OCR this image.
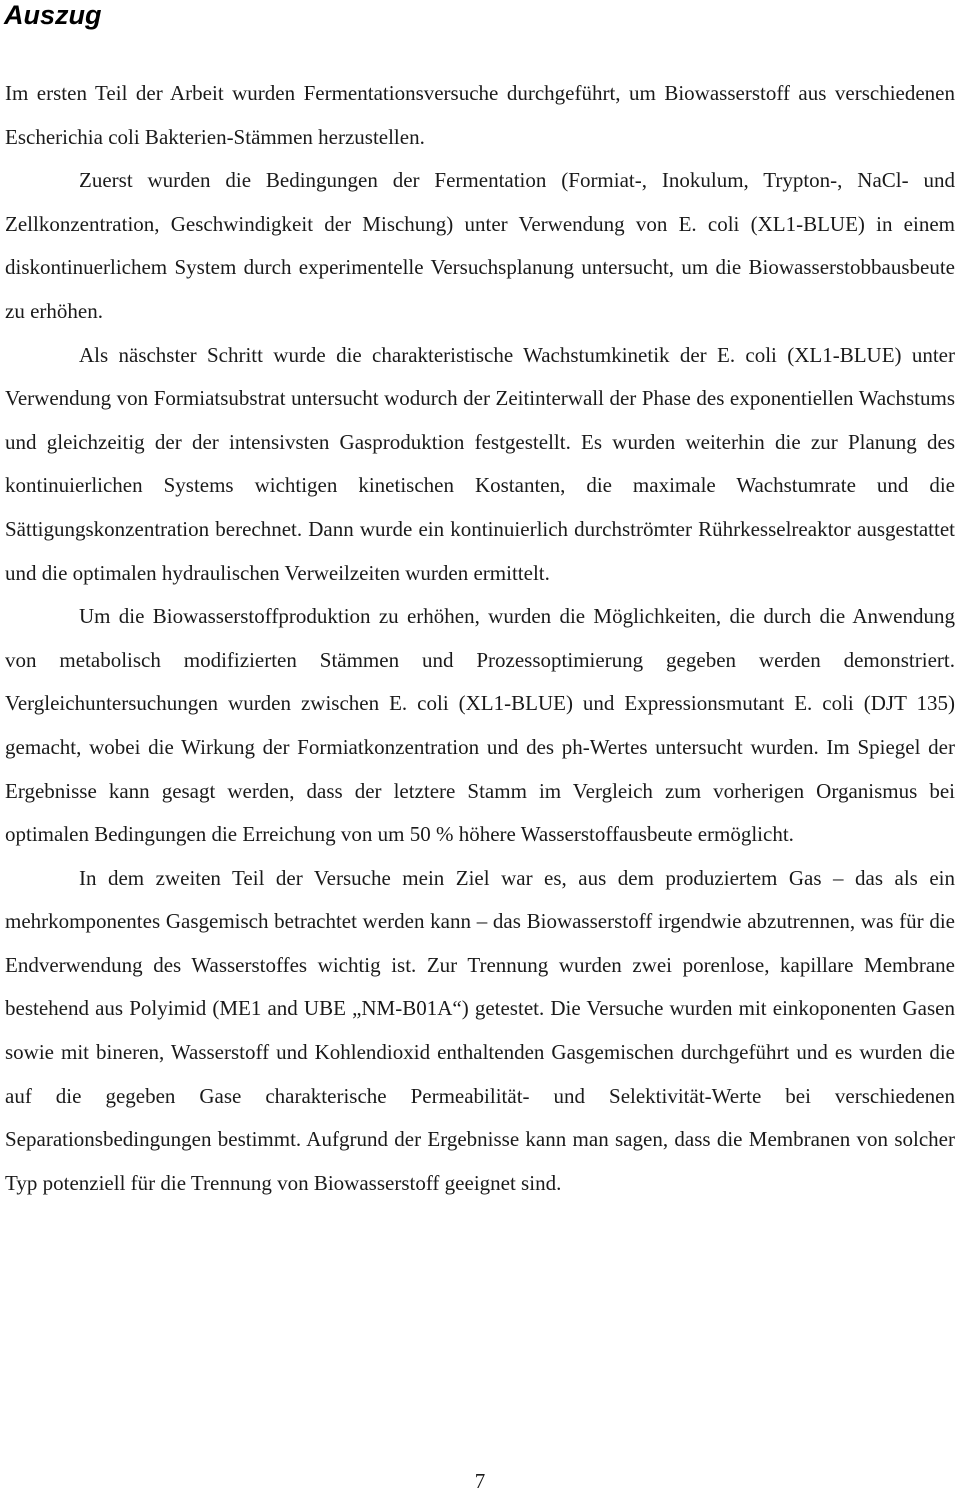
Auszug

Im ersten Teil der Arbeit wurden Fermentationsversuche durchgeführt, um Biowasserstoff aus verschiedenen Escherichia coli Bakterien-Stämmen herzustellen.

Zuerst wurden die Bedingungen der Fermentation (Formiat-, Inokulum, Trypton-, NaCl- und Zellkonzentration, Geschwindigkeit der Mischung) unter Verwendung von E. coli (XL1-BLUE) in einem diskontinuerlichem System durch experimentelle Versuchsplanung untersucht, um die Biowasserstobbausbeute zu erhöhen.

Als näschster Schritt wurde die charakteristische Wachstumkinetik der E. coli (XL1-BLUE) unter Verwendung von Formiatsubstrat untersucht wodurch der Zeitinterwall der Phase des exponentiellen Wachstums und gleichzeitig der der intensivsten Gasproduktion festgestellt. Es wurden weiterhin die zur Planung des kontinuierlichen Systems wichtigen kinetischen Kostanten, die maximale Wachstumrate und die Sättigungskonzentration berechnet. Dann wurde ein kontinuierlich durchströmter Rührkesselreaktor ausgestattet und die optimalen hydraulischen Verweilzeiten wurden ermittelt.

Um die Biowasserstoffproduktion zu erhöhen, wurden die Möglichkeiten, die durch die Anwendung von metabolisch modifizierten Stämmen und Prozessoptimierung gegeben werden demonstriert. Vergleichuntersuchungen wurden zwischen E. coli (XL1-BLUE) und Expressionsmutant E. coli (DJT 135) gemacht, wobei die Wirkung der Formiatkonzentration und des ph-Wertes untersucht wurden. Im Spiegel der Ergebnisse kann gesagt werden, dass der letztere Stamm im Vergleich zum vorherigen Organismus bei optimalen Bedingungen die Erreichung von um 50 % höhere Wasserstoffausbeute ermöglicht.

In dem zweiten Teil der Versuche mein Ziel war es, aus dem produziertem Gas – das als ein mehrkomponentes Gasgemisch betrachtet werden kann – das Biowasserstoff irgendwie abzutrennen, was für die Endverwendung des Wasserstoffes wichtig ist. Zur Trennung wurden zwei porenlose, kapillare Membrane bestehend aus Polyimid (ME1 and UBE „NM-B01A“) getestet. Die Versuche wurden mit einkoponenten Gasen sowie mit bineren, Wasserstoff und Kohlendioxid enthaltenden Gasgemischen durchgeführt und es wurden die auf die gegeben Gase charakterische Permeabilität- und Selektivität-Werte bei verschiedenen Separationsbedingungen bestimmt. Aufgrund der Ergebnisse kann man sagen, dass die Membranen von solcher Typ potenziell für die Trennung von Biowasserstoff geeignet sind.

7
